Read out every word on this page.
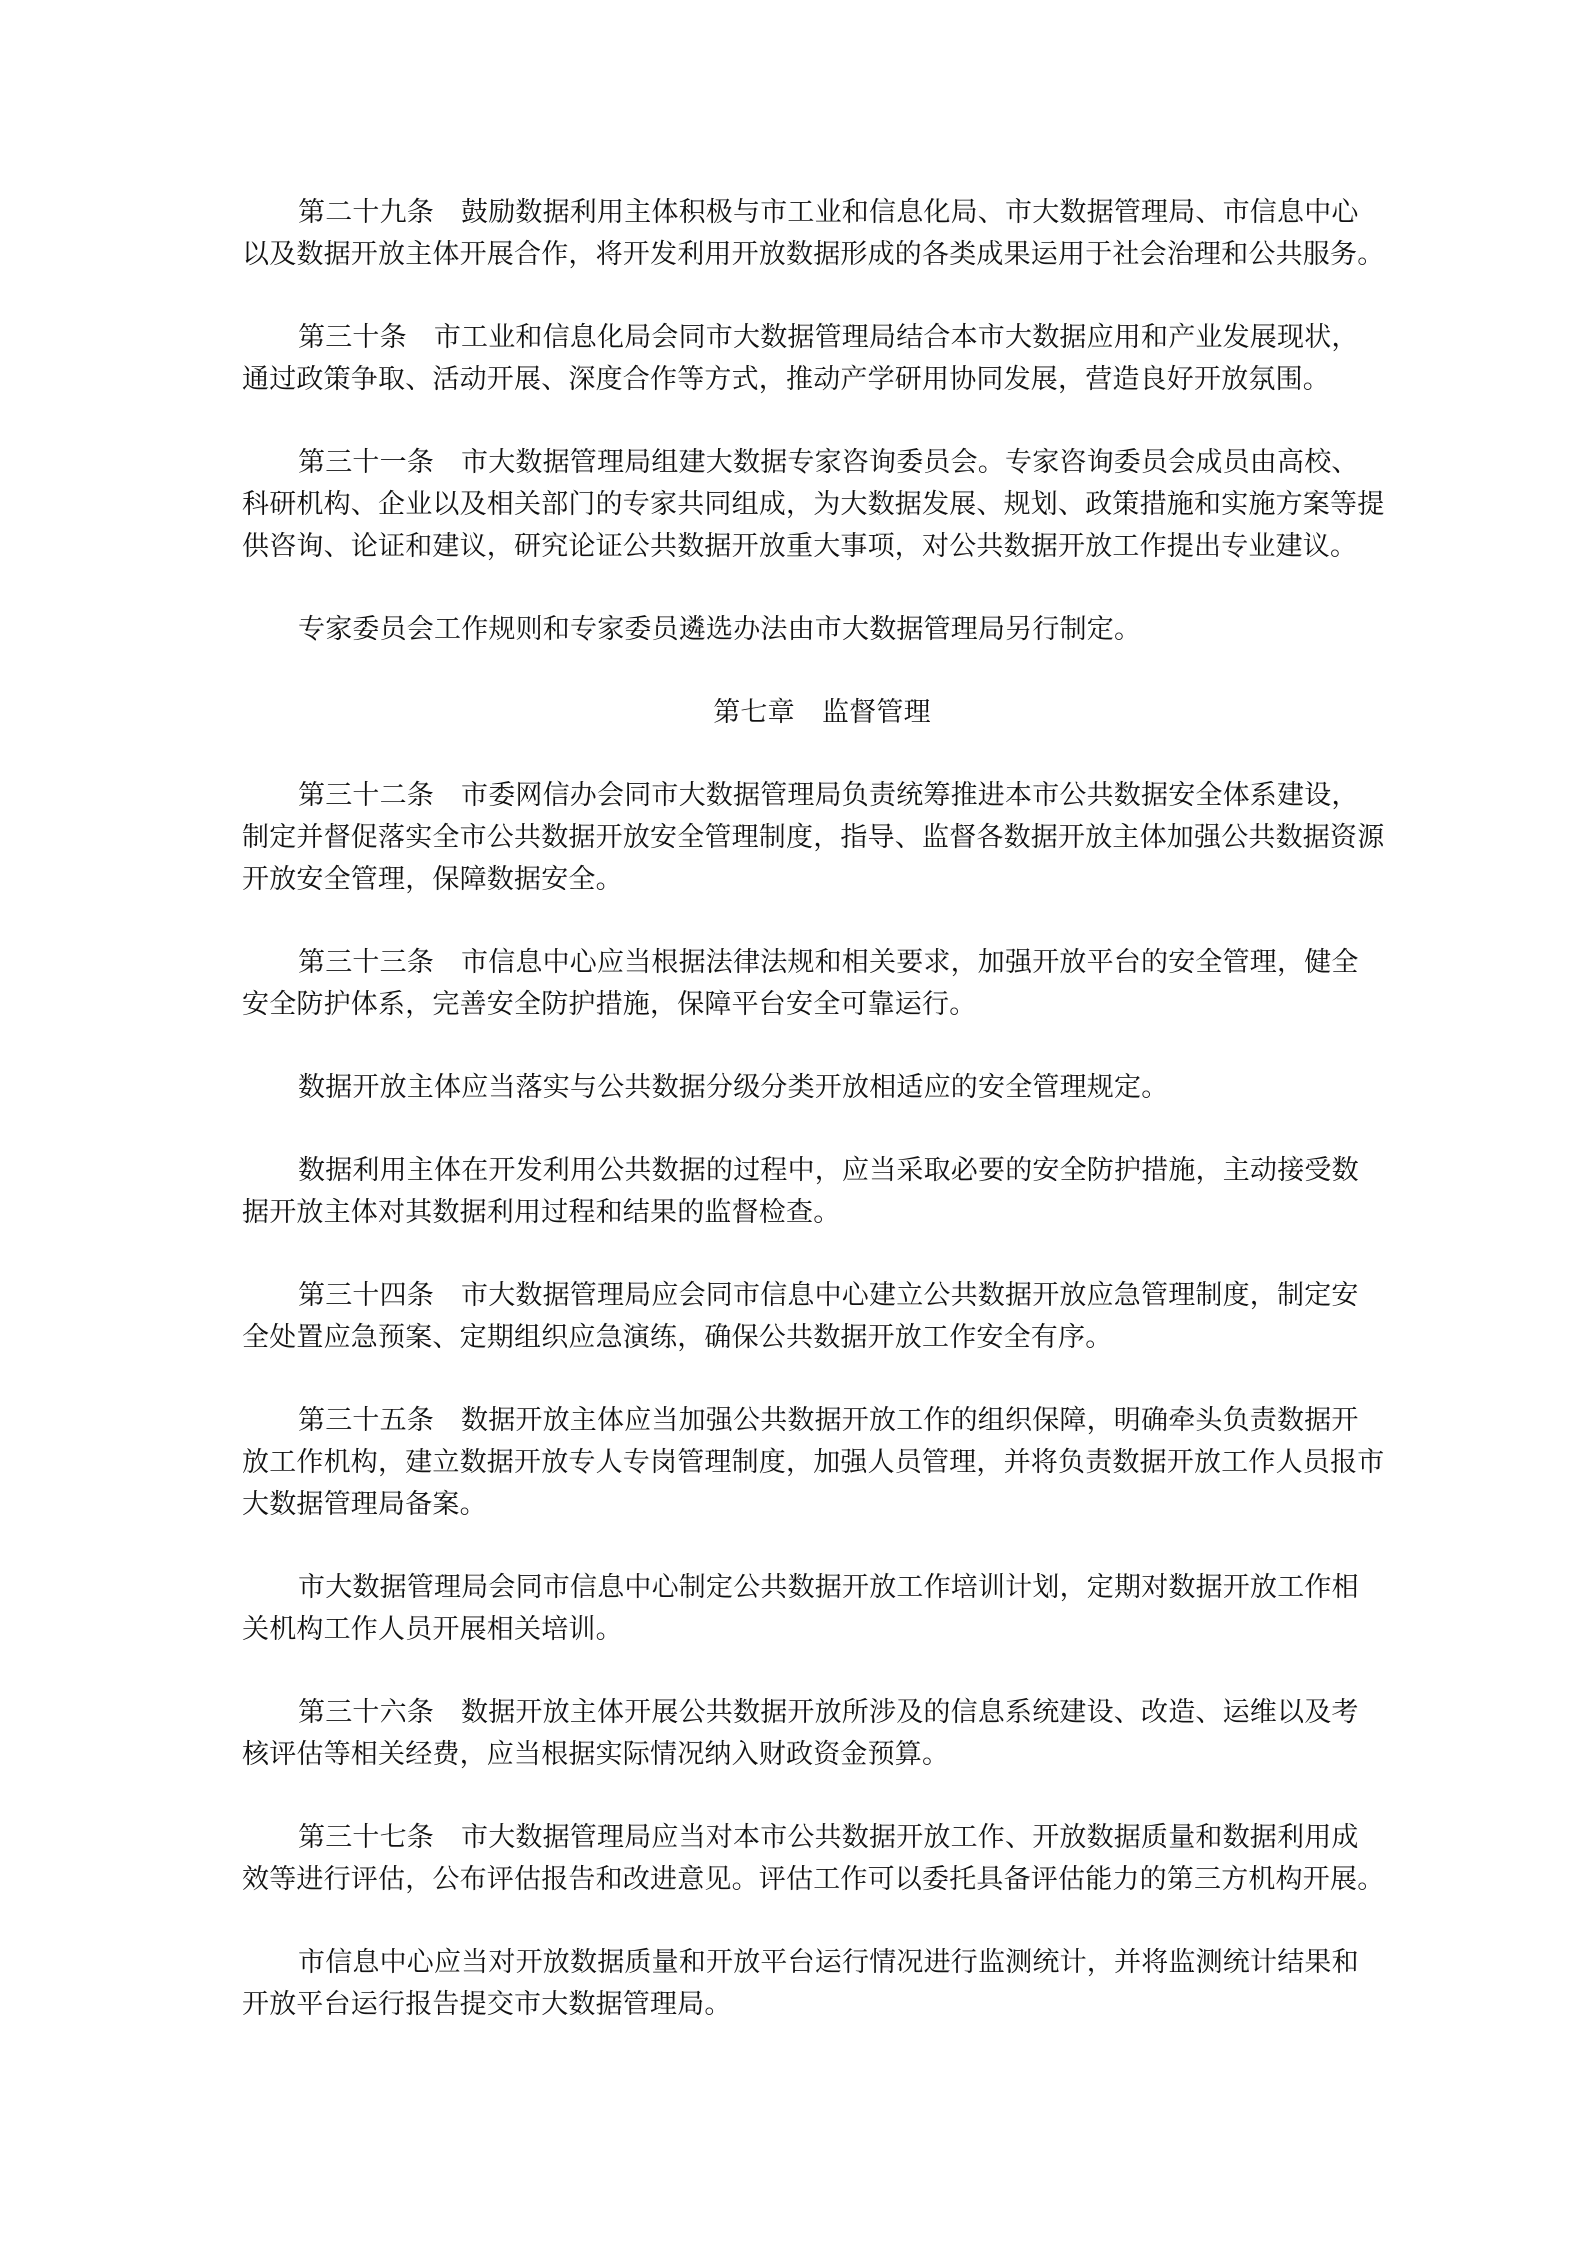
第二十九条 鼓励数据利用主体积极与市工业和信息化局、市大数据管理局、市信息中心
以及数据开放主体开展合作，将开发利用开放数据形成的各类成果运用于社会治理和公共服务。
第三十条 市工业和信息化局会同市大数据管理局结合本市大数据应用和产业发展现状，
通过政策争取、活动开展、深度合作等方式，推动产学研用协同发展，营造良好开放氛围。
第三十一条 市大数据管理局组建大数据专家咨询委员会。专家咨询委员会成员由高校、
科研机构、企业以及相关部门的专家共同组成，为大数据发展、规划、政策措施和实施方案等提
供咨询、论证和建议，研究论证公共数据开放重大事项，对公共数据开放工作提出专业建议。
专家委员会工作规则和专家委员遴选办法由市大数据管理局另行制定。
第七章　监督管理
第三十二条 市委网信办会同市大数据管理局负责统筹推进本市公共数据安全体系建设，
制定并督促落实全市公共数据开放安全管理制度，指导、监督各数据开放主体加强公共数据资源
开放安全管理，保障数据安全。
第三十三条 市信息中心应当根据法律法规和相关要求，加强开放平台的安全管理，健全
安全防护体系，完善安全防护措施，保障平台安全可靠运行。
数据开放主体应当落实与公共数据分级分类开放相适应的安全管理规定。
数据利用主体在开发利用公共数据的过程中，应当采取必要的安全防护措施，主动接受数
据开放主体对其数据利用过程和结果的监督检查。
第三十四条 市大数据管理局应会同市信息中心建立公共数据开放应急管理制度，制定安
全处置应急预案、定期组织应急演练，确保公共数据开放工作安全有序。
第三十五条 数据开放主体应当加强公共数据开放工作的组织保障，明确牵头负责数据开
放工作机构，建立数据开放专人专岗管理制度，加强人员管理，并将负责数据开放工作人员报市
大数据管理局备案。
市大数据管理局会同市信息中心制定公共数据开放工作培训计划，定期对数据开放工作相
关机构工作人员开展相关培训。
第三十六条 数据开放主体开展公共数据开放所涉及的信息系统建设、改造、运维以及考
核评估等相关经费，应当根据实际情况纳入财政资金预算。
第三十七条 市大数据管理局应当对本市公共数据开放工作、开放数据质量和数据利用成
效等进行评估，公布评估报告和改进意见。评估工作可以委托具备评估能力的第三方机构开展。
市信息中心应当对开放数据质量和开放平台运行情况进行监测统计，并将监测统计结果和
开放平台运行报告提交市大数据管理局。
